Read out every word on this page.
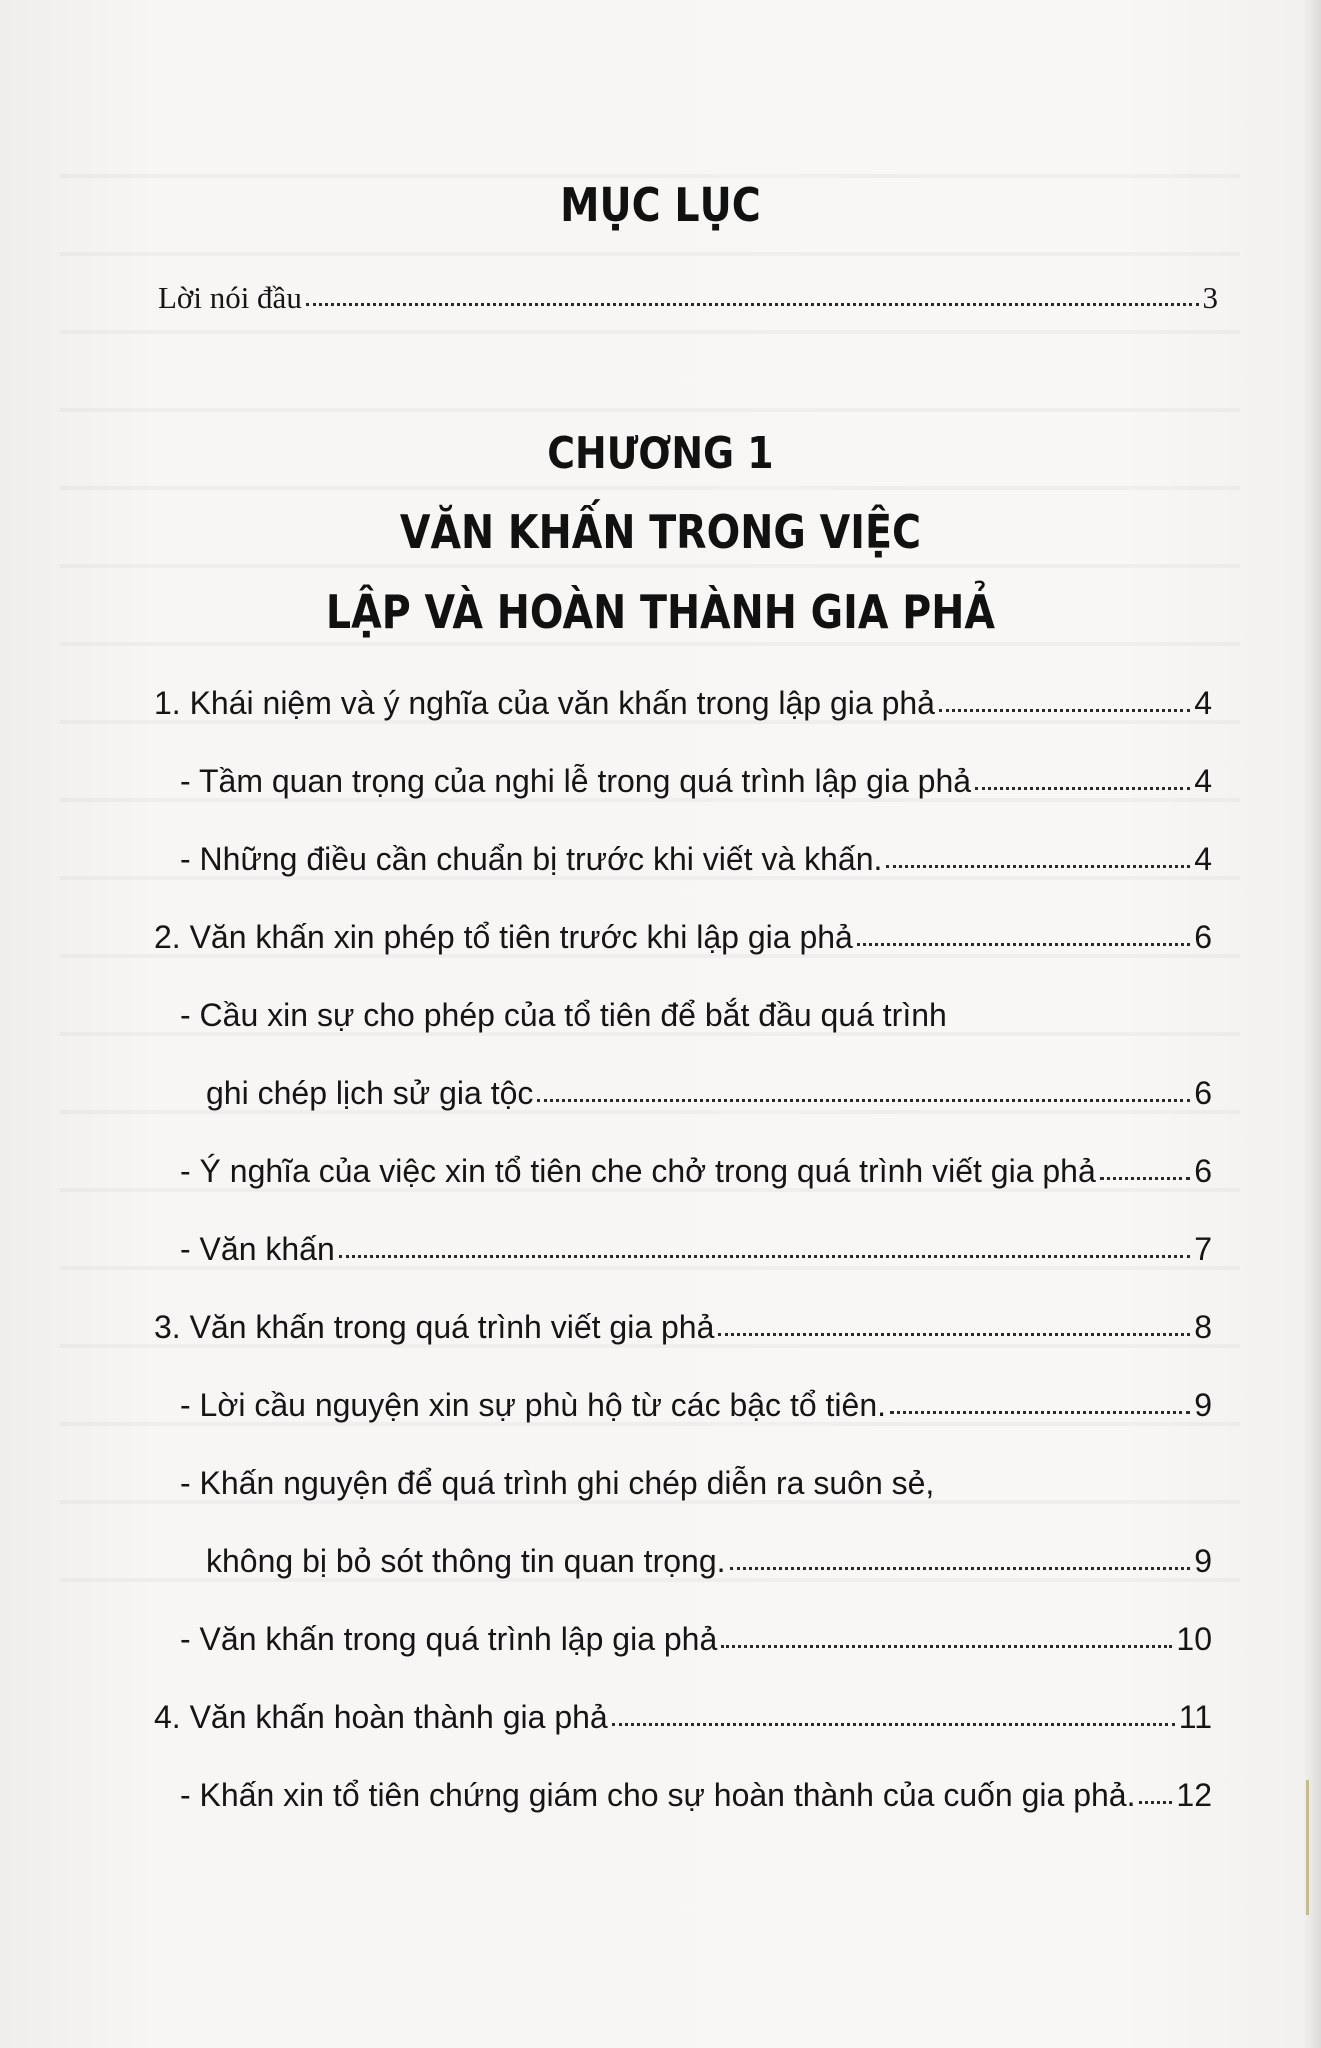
MỤC LỤC
Lời nói đầu	3
CHƯƠNG 1
VĂN KHẤN TRONG VIỆC
LẬP VÀ HOÀN THÀNH GIA PHẢ
1. Khái niệm và ý nghĩa của văn khấn trong lập gia phả	4
- Tầm quan trọng của nghi lễ trong quá trình lập gia phả	4
- Những điều cần chuẩn bị trước khi viết và khấn.	4
2. Văn khấn xin phép tổ tiên trước khi lập gia phả	6
- Cầu xin sự cho phép của tổ tiên để bắt đầu quá trình
ghi chép lịch sử gia tộc	6
- Ý nghĩa của việc xin tổ tiên che chở trong quá trình viết gia phả	6
- Văn khấn	7
3. Văn khấn trong quá trình viết gia phả	8
- Lời cầu nguyện xin sự phù hộ từ các bậc tổ tiên.	9
- Khấn nguyện để quá trình ghi chép diễn ra suôn sẻ,
không bị bỏ sót thông tin quan trọng.	9
- Văn khấn trong quá trình lập gia phả	10
4. Văn khấn hoàn thành gia phả	11
- Khấn xin tổ tiên chứng giám cho sự hoàn thành của cuốn gia phả. 12
